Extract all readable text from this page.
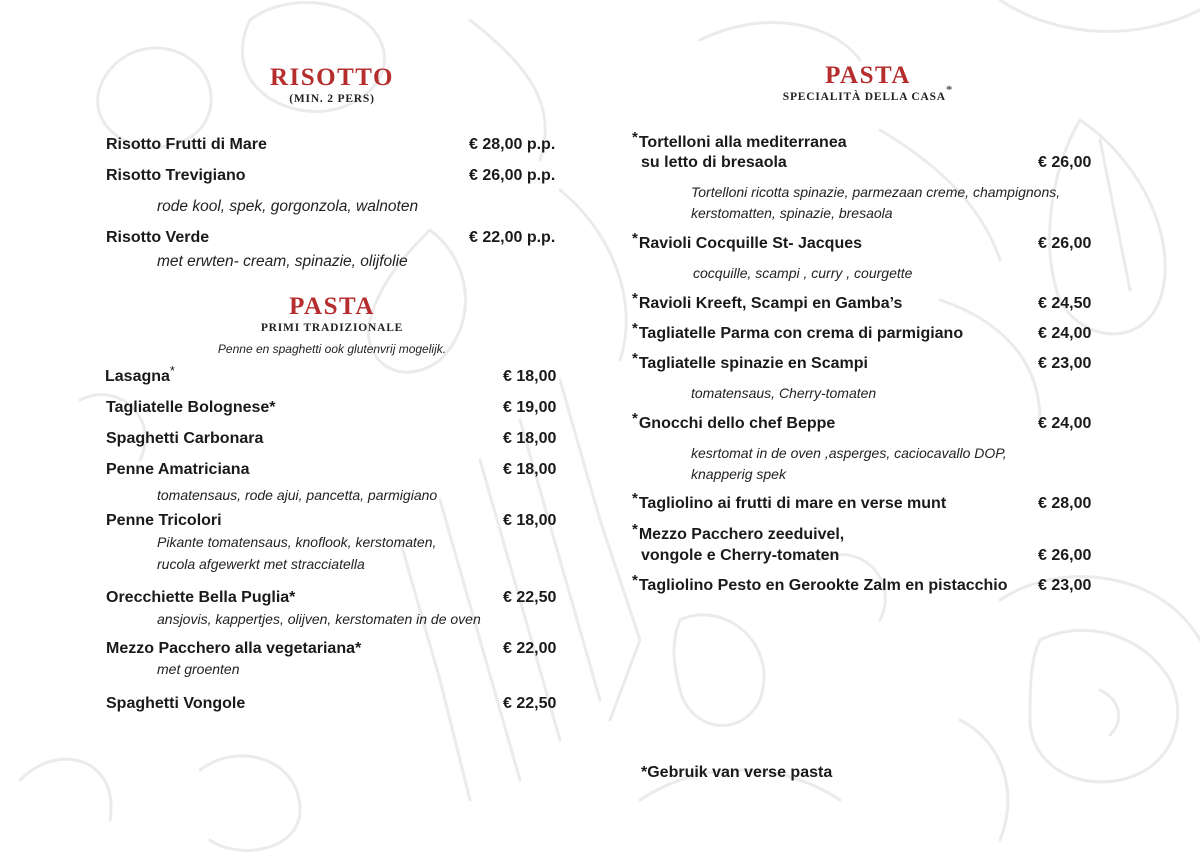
RISOTTO
(MIN. 2 PERS)
Risotto Frutti di Mare	€ 28,00 p.p.
Risotto Trevigiano	€ 26,00 p.p.
rode kool, spek, gorgonzola, walnoten
Risotto Verde	€ 22,00 p.p.
met erwten- cream, spinazie, olijfolie
PASTA
PRIMI TRADIZIONALE
Penne en spaghetti ook glutenvrij mogelijk.
Lasagna*	€ 18,00
Tagliatelle Bolognese*	€ 19,00
Spaghetti Carbonara	€ 18,00
Penne Amatriciana	€ 18,00
tomatensaus, rode ajui, pancetta, parmigiano
Penne Tricolori	€ 18,00
Pikante tomatensaus, knoflook, kerstomaten,
rucola afgewerkt met stracciatella
Orecchiette Bella Puglia*	€ 22,50
ansjovis, kappertjes, olijven, kerstomaten in de oven
Mezzo Pacchero alla vegetariana*	€ 22,00
met groenten
Spaghetti Vongole	€ 22,50
PASTA
SPECIALITÀ DELLA CASA*
*Tortelloni alla mediterranea
su letto di bresaola	€ 26,00
Tortelloni ricotta spinazie, parmezaan creme, champignons,
kerstomatten, spinazie, bresaola
*Ravioli Cocquille St- Jacques	€ 26,00
cocquille, scampi , curry , courgette
*Ravioli Kreeft, Scampi en Gamba’s	€ 24,50
*Tagliatelle Parma con crema di parmigiano	€ 24,00
*Tagliatelle spinazie en Scampi	€ 23,00
tomatensaus, Cherry-tomaten
*Gnocchi dello chef Beppe	€ 24,00
kesrtomat in de oven ,asperges, caciocavallo DOP,
knapperig spek
*Tagliolino ai frutti di mare en verse munt	€ 28,00
*Mezzo Pacchero zeeduivel,
vongole e Cherry-tomaten	€ 26,00
*Tagliolino Pesto en Gerookte Zalm en pistacchio € 23,00
*Gebruik van verse pasta
